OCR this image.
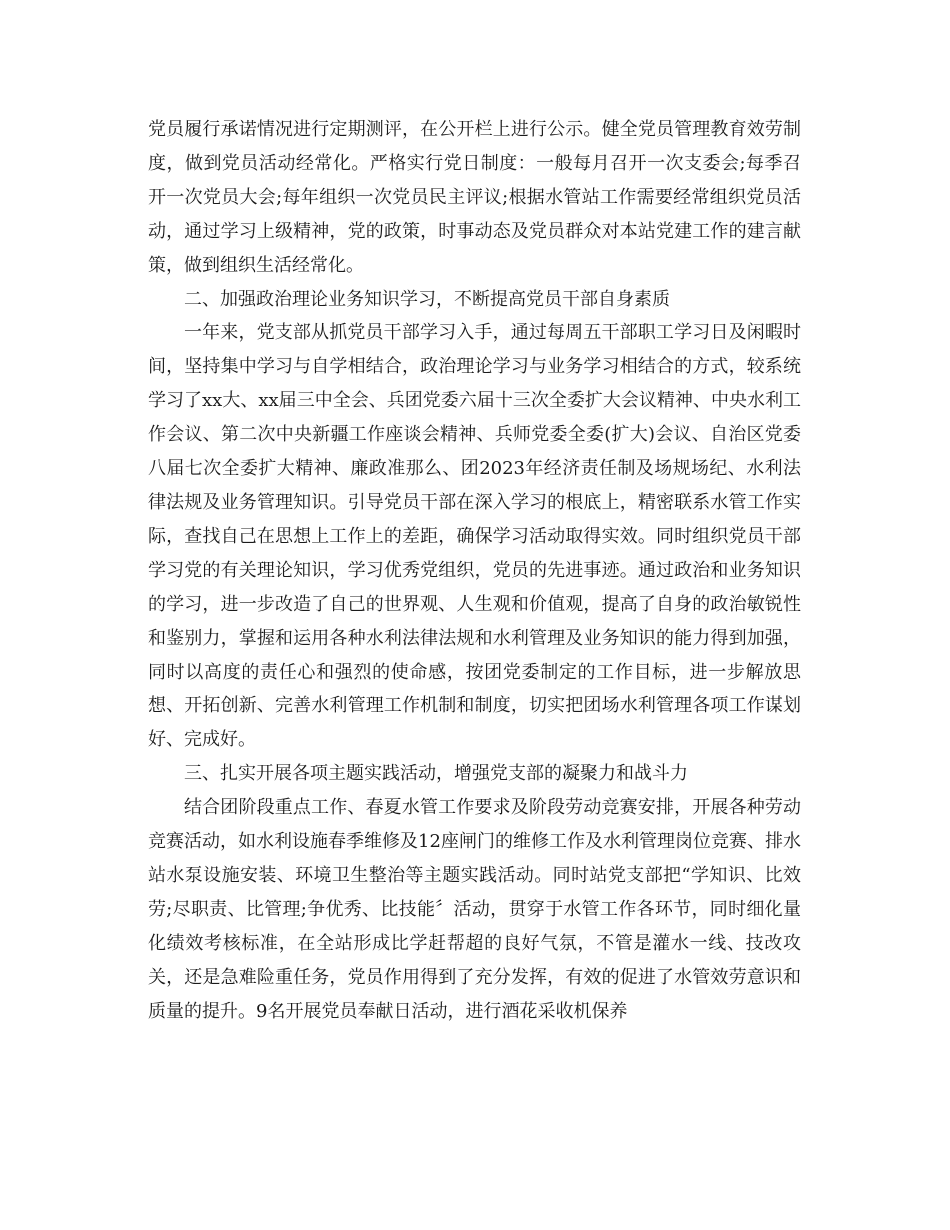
党员履行承诺情况进行定期测评，在公开栏上进行公示。健全党员管理教育效劳制度，做到党员活动经常化。严格实行党日制度：一般每月召开一次支委会;每季召开一次党员大会;每年组织一次党员民主评议;根据水管站工作需要经常组织党员活动，通过学习上级精神，党的政策，时事动态及党员群众对本站党建工作的建言献策，做到组织生活经常化。

二、加强政治理论业务知识学习，不断提高党员干部自身素质

一年来，党支部从抓党员干部学习入手，通过每周五干部职工学习日及闲暇时间，坚持集中学习与自学相结合，政治理论学习与业务学习相结合的方式，较系统学习了xx大、xx届三中全会、兵团党委六届十三次全委扩大会议精神、中央水利工作会议、第二次中央新疆工作座谈会精神、兵师党委全委(扩大)会议、自治区党委八届七次全委扩大精神、廉政准那么、团2023年经济责任制及场规场纪、水利法律法规及业务管理知识。引导党员干部在深入学习的根底上，精密联系水管工作实际，查找自己在思想上工作上的差距，确保学习活动取得实效。同时组织党员干部学习党的有关理论知识，学习优秀党组织，党员的先进事迹。通过政治和业务知识的学习，进一步改造了自己的世界观、人生观和价值观，提高了自身的政治敏锐性和鉴别力，掌握和运用各种水利法律法规和水利管理及业务知识的能力得到加强，同时以高度的责任心和强烈的使命感，按团党委制定的工作目标，进一步解放思想、开拓创新、完善水利管理工作机制和制度，切实把团场水利管理各项工作谋划好、完成好。

三、扎实开展各项主题实践活动，增强党支部的凝聚力和战斗力

结合团阶段重点工作、春夏水管工作要求及阶段劳动竞赛安排，开展各种劳动竞赛活动，如水利设施春季维修及12座闸门的维修工作及水利管理岗位竞赛、排水站水泵设施安装、环境卫生整治等主题实践活动。同时站党支部把“学知识、比效劳;尽职责、比管理;争优秀、比技能〞活动，贯穿于水管工作各环节，同时细化量化绩效考核标准，在全站形成比学赶帮超的良好气氛，不管是灌水一线、技改攻关，还是急难险重任务，党员作用得到了充分发挥，有效的促进了水管效劳意识和质量的提升。9名开展党员奉献日活动，进行酒花采收机保养
